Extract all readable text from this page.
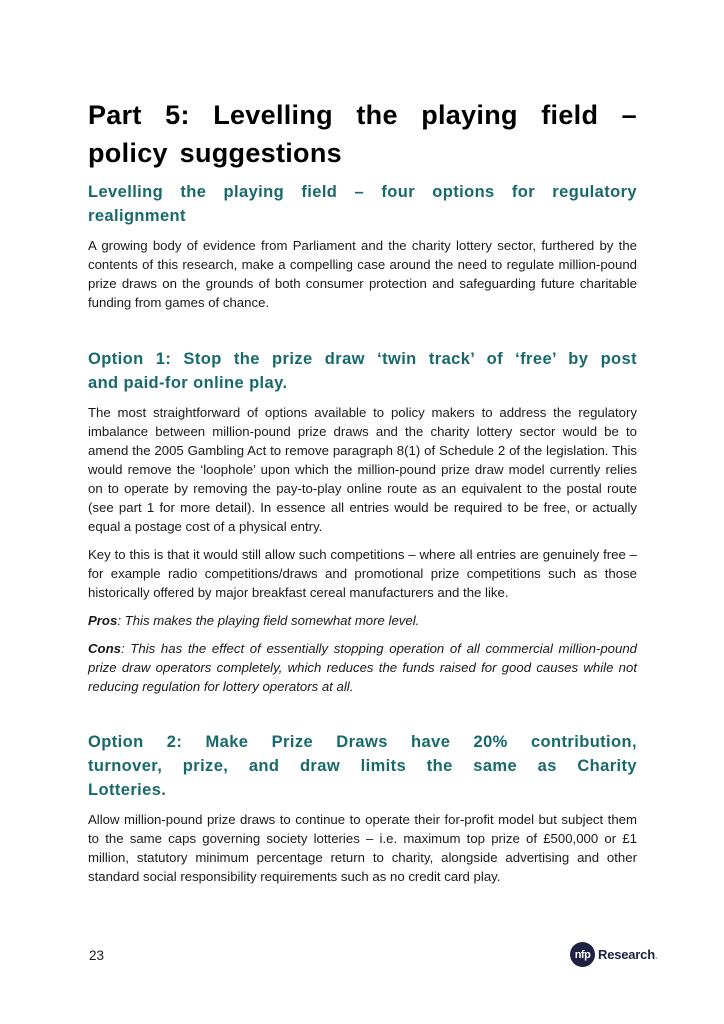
Part 5: Levelling the playing field –
policy suggestions
Levelling the playing field – four options for regulatory
realignment

A growing body of evidence from Parliament and the charity lottery sector, furthered by the contents of this research, make a compelling case around the need to regulate million-pound prize draws on the grounds of both consumer protection and safeguarding future charitable funding from games of chance.

Option 1: Stop the prize draw ‘twin track’ of ‘free’ by post
and paid-for online play.

The most straightforward of options available to policy makers to address the regulatory imbalance between million-pound prize draws and the charity lottery sector would be to amend the 2005 Gambling Act to remove paragraph 8(1) of Schedule 2 of the legislation. This would remove the ‘loophole’ upon which the million-pound prize draw model currently relies on to operate by removing the pay-to-play online route as an equivalent to the postal route (see part 1 for more detail). In essence all entries would be required to be free, or actually equal a postage cost of a physical entry.

Key to this is that it would still allow such competitions – where all entries are genuinely free – for example radio competitions/draws and promotional prize competitions such as those historically offered by major breakfast cereal manufacturers and the like.

Pros: This makes the playing field somewhat more level.

Cons: This has the effect of essentially stopping operation of all commercial million-pound prize draw operators completely, which reduces the funds raised for good causes while not reducing regulation for lottery operators at all.

Option 2: Make Prize Draws have 20% contribution,
turnover, prize, and draw limits the same as Charity
Lotteries.

Allow million-pound prize draws to continue to operate their for-profit model but subject them to the same caps governing society lotteries – i.e. maximum top prize of £500,000 or £1 million, statutory minimum percentage return to charity, alongside advertising and other standard social responsibility requirements such as no credit card play.

23	nfp Research.
